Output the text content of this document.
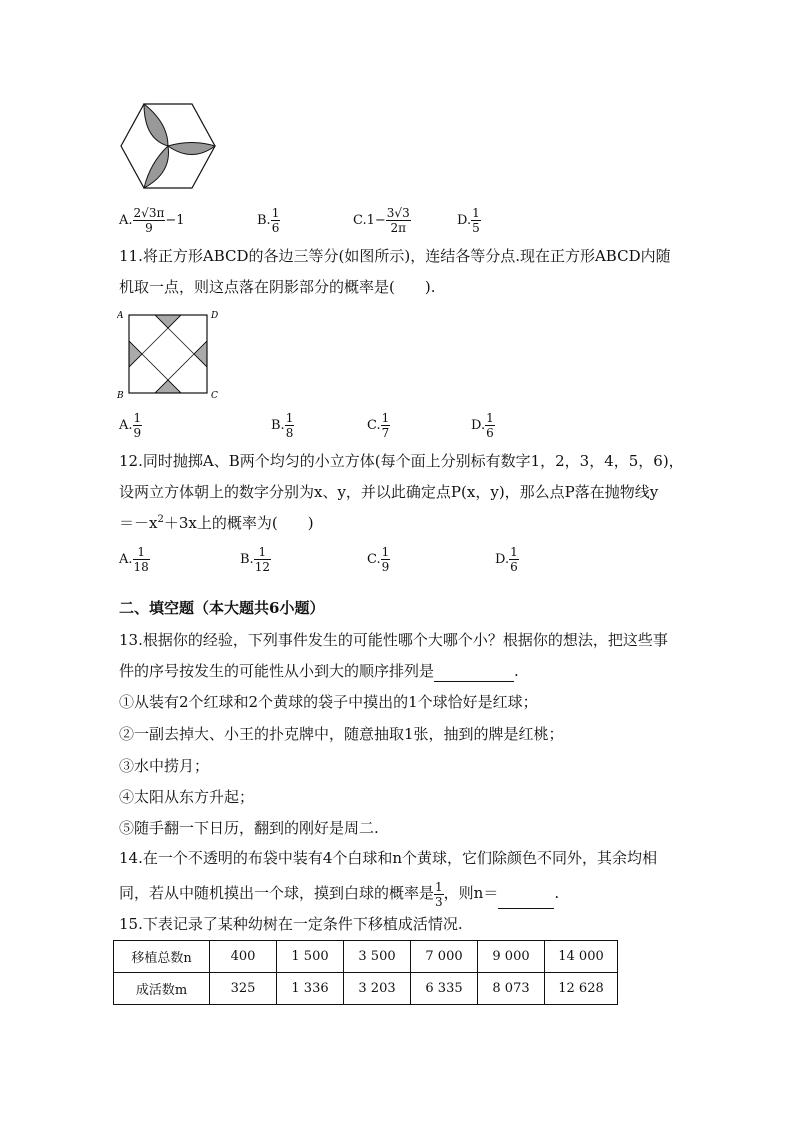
A. $\frac{2√3\pi}{9} -1$	B. $\frac{1}{6}$	$C.1- \frac{3√3}{2\pi}$	D. $\frac{1}{5}$
11.将正方形ABCD的各边三等分(如图所示)，连结各等分点.现在正方形ABCD内随
机取一点，则这点落在阴影部分的概率是(　　).
A	D
B	C
A. $\frac{1}{9}$	B. $\frac{1}{8}$	C. $\frac{1}{7}$	D. $\frac{1}{6}$
12.同时抛掷A、B两个均匀的小立方体(每个面上分别标有数字1，2，3，4，5，6)，
设两立方体朝上的数字分别为x、y，并以此确定点P(x，y)，那么点P落在抛物线y
$=-x^2+3x$上的概率为(　　)
A. $\frac{1}{18}$	B. $\frac{1}{12}$	C. $\frac{1}{9}$	D. $\frac{1}{6}$
二、填空题（本大题共6小题）
13.根据你的经验，下列事件发生的可能性哪个大哪个小？根据你的想法，把这些事
件的序号按发生的可能性从小到大的顺序排列是	.
①从装有2个红球和2个黄球的袋子中摸出的1个球恰好是红球；
②一副去掉大、小王的扑克牌中，随意抽取1张，抽到的牌是红桃；
③水中捞月；
④太阳从东方升起；
⑤随手翻一下日历，翻到的刚好是周二.
14.在一个不透明的布袋中装有4个白球和n个黄球，它们除颜色不同外，其余均相
同，若从中随机摸出一个球，摸到白球的概率是 $\frac{1}{3}$ ，则n＝	.
15.下表记录了某种幼树在一定条件下移植成活情况.
移植总数n	400	1 500	3 500	7 000	9 000	14 000
成活数m	325	1 336	3 203	6 335	8 073	12 628
